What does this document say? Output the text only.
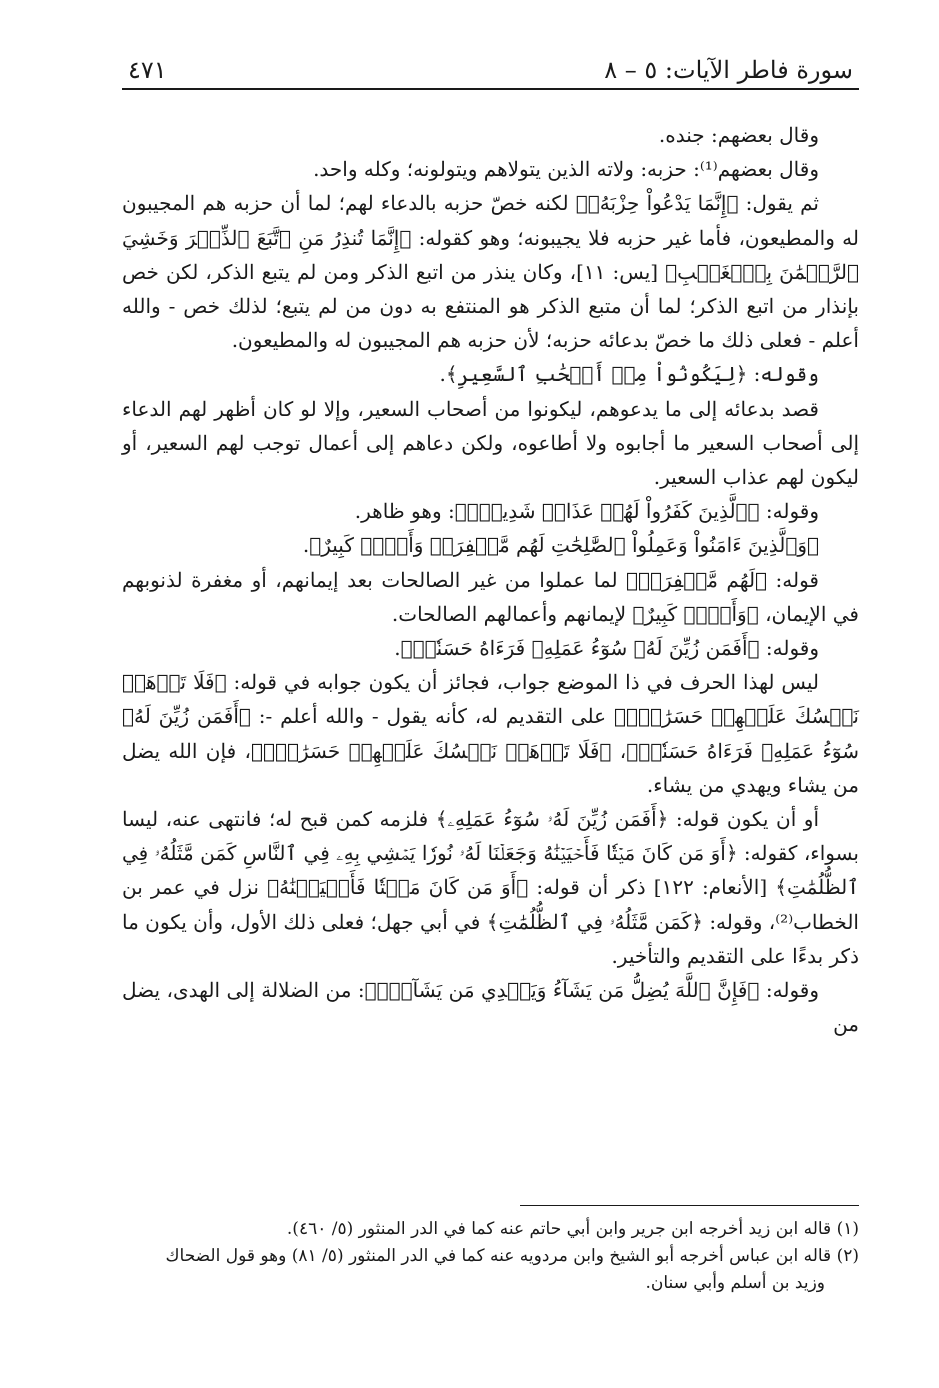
سورة فاطر الآيات: ٥ – ٨
٤٧١

وقال بعضهم: جنده.

وقال بعضهم⁽¹⁾: حزبه: ولاته الذين يتولاهم ويتولونه؛ وكله واحد.

ثم يقول: ﴿إِنَّمَا يَدْعُواْ حِزْبَهُۥ﴾ لكنه خصّ حزبه بالدعاء لهم؛ لما أن حزبه هم المجيبون له والمطيعون، فأما غير حزبه فلا يجيبونه؛ وهو كقوله: ﴿إِنَّمَا تُنذِرُ مَنِ ٱتَّبَعَ ٱلذِّكۡرَ وَخَشِيَ ٱلرَّحۡمَٰنَ بِٱلۡغَيۡبِ﴾ [يس: ١١]، وكان ينذر من اتبع الذكر ومن لم يتبع الذكر، لكن خص بإنذار من اتبع الذكر؛ لما أن متبع الذكر هو المنتفع به دون من لم يتبع؛ لذلك خص - والله أعلم - فعلى ذلك ما خصّ بدعائه حزبه؛ لأن حزبه هم المجيبون له والمطيعون.

وقوله: ﴿لِيَكُونُواْ مِنۡ أَصۡحَٰبِ ٱلسَّعِيرِ﴾.

قصد بدعائه إلى ما يدعوهم، ليكونوا من أصحاب السعير، وإلا لو كان أظهر لهم الدعاء إلى أصحاب السعير ما أجابوه ولا أطاعوه، ولكن دعاهم إلى أعمال توجب لهم السعير، أو ليكون لهم عذاب السعير.

وقوله: ﴿ٱلَّذِينَ كَفَرُواْ لَهُمۡ عَذَابٞ شَدِيدٞۖ﴾: وهو ظاهر.

﴿وَٱلَّذِينَ ءَامَنُواْ وَعَمِلُواْ ٱلصَّٰلِحَٰتِ لَهُم مَّغۡفِرَةٞ وَأَجۡرٞ كَبِيرٌ﴾.

قوله: ﴿لَهُم مَّغۡفِرَةٞ﴾ لما عملوا من غير الصالحات بعد إيمانهم، أو مغفرة لذنوبهم في الإيمان، ﴿وَأَجۡرٞ كَبِيرٌ﴾ لإيمانهم وأعمالهم الصالحات.

وقوله: ﴿أَفَمَن زُيِّنَ لَهُۥ سُوٓءُ عَمَلِهِۦ فَرَءَاهُ حَسَنٗاۖ﴾.

ليس لهذا الحرف في ذا الموضع جواب، فجائز أن يكون جوابه في قوله: ﴿فَلَا تَذۡهَبۡ نَفۡسُكَ عَلَيۡهِمۡ حَسَرَٰتٍۚ﴾ على التقديم له، كأنه يقول - والله أعلم -: ﴿أَفَمَن زُيِّنَ لَهُۥ سُوٓءُ عَمَلِهِۦ فَرَءَاهُ حَسَنٗاۖ﴾، ﴿فَلَا تَذۡهَبۡ نَفۡسُكَ عَلَيۡهِمۡ حَسَرَٰتٍۚ﴾، فإن الله يضل من يشاء ويهدي من يشاء.

أو أن يكون قوله: ﴿أَفَمَن زُيِّنَ لَهُۥ سُوٓءُ عَمَلِهِۦ﴾ فلزمه كمن قبح له؛ فانتهى عنه، ليسا بسواء، كقوله: ﴿أَوَ مَن كَانَ مَيۡتٗا فَأَحۡيَيۡنَٰهُ وَجَعَلۡنَا لَهُۥ نُورٗا يَمۡشِي بِهِۦ فِي ٱلنَّاسِ كَمَن مَّثَلُهُۥ فِي ٱلظُّلُمَٰتِ﴾ [الأنعام: ١٢٢] ذكر أن قوله: ﴿أَوَ مَن كَانَ مَيۡتٗا فَأَحۡيَيۡنَٰهُ﴾ نزل في عمر بن الخطاب⁽²⁾، وقوله: ﴿كَمَن مَّثَلُهُۥ فِي ٱلظُّلُمَٰتِ﴾ في أبي جهل؛ فعلى ذلك الأول، وأن يكون ما ذكر بدءًا على التقديم والتأخير.

وقوله: ﴿فَإِنَّ ٱللَّهَ يُضِلُّ مَن يَشَآءُ وَيَهۡدِي مَن يَشَآءُۖ﴾: من الضلالة إلى الهدى، يضل من

(١) قاله ابن زيد أخرجه ابن جرير وابن أبي حاتم عنه كما في الدر المنثور (٥/ ٤٦٠).

(٢) قاله ابن عباس أخرجه أبو الشيخ وابن مردويه عنه كما في الدر المنثور (٥/ ٨١) وهو قول الضحاك

وزيد بن أسلم وأبي سنان.
